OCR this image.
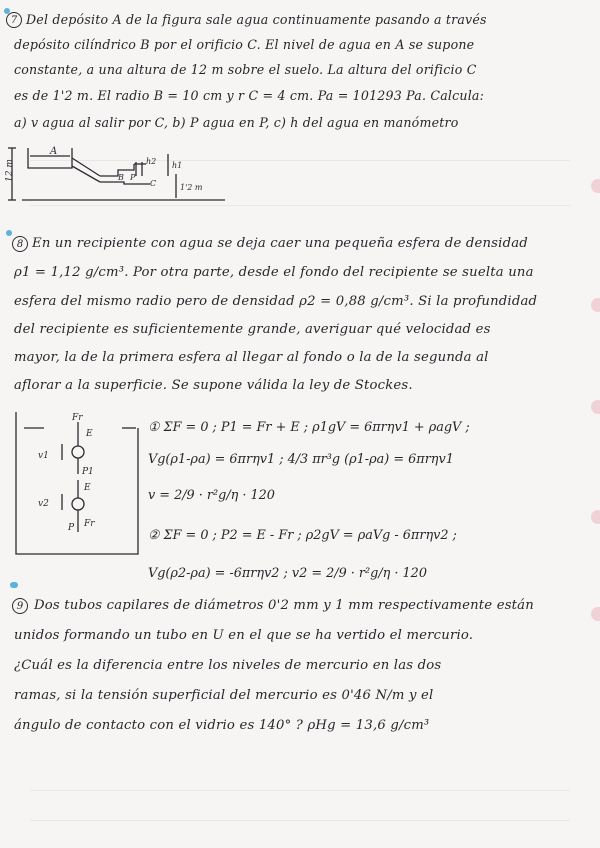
7 Del depósito A de la figura sale agua continuamente pasando a través
depósito cilíndrico B por el orificio C. El nivel de agua en A se supone
constante, a una altura de 12 m sobre el suelo. La altura del orificio C
es de 1'2 m. El radio B = 10 cm y r C = 4 cm. Pa = 101293 Pa. Calcula:
a) v agua al salir por C, b) P agua en P, c) h del agua en manómetro
12 m
A
B
C
P
h2 h1
1'2 m
8 En un recipiente con agua se deja caer una pequeña esfera de densidad
ρ1 = 1,12 g/cm³. Por otra parte, desde el fondo del recipiente se suelta una
esfera del mismo radio pero de densidad ρ2 = 0,88 g/cm³. Si la profundidad
del recipiente es suficientemente grande, averiguar qué velocidad es
mayor, la de la primera esfera al llegar al fondo o la de la segunda al
aflorar a la superficie. Se supone válida la ley de Stockes.
Fr
E
v1
P1
v2
E
P Fr
① ΣF = 0 ; P1 = Fr + E ; ρ1gV = 6πrηv1 + ρagV ;
Vg(ρ1-ρa) = 6πrηv1 ; 4/3 πr³g (ρ1-ρa) = 6πrηv1
v = 2/9 · r²g/η · 120
② ΣF = 0 ; P2 = E - Fr ; ρ2gV = ρaVg - 6πrηv2 ;
Vg(ρ2-ρa) = -6πrηv2 ; v2 = 2/9 · r²g/η · 120
9 Dos tubos capilares de diámetros 0'2 mm y 1 mm respectivamente están
unidos formando un tubo en U en el que se ha vertido el mercurio.
¿Cuál es la diferencia entre los niveles de mercurio en las dos
ramas, si la tensión superficial del mercurio es 0'46 N/m y el
ángulo de contacto con el vidrio es 140° ? ρHg = 13,6 g/cm³
